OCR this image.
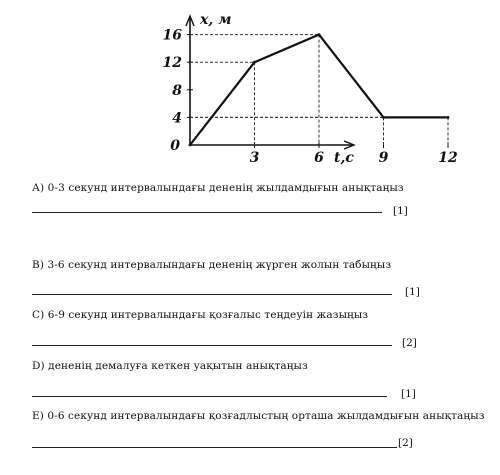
16
12
8
4
3	6	9	12
0
x, м
t,c
А) 0-3 секунд интервалындағы дененің жылдамдығын анықтаңыз
[1]
В) 3-6 секунд интервалындағы дененің жүрген жолын табыңыз
[1]
С) 6-9 секунд интервалындағы қозғалыс теңдеуін жазыңыз
[2]
D) дененің демалуға кеткен уақытын анықтаңыз
[1]
E) 0-6 секунд интервалындағы қозғадлыстың орташа жылдамдығын анықтаңыз
[2]
